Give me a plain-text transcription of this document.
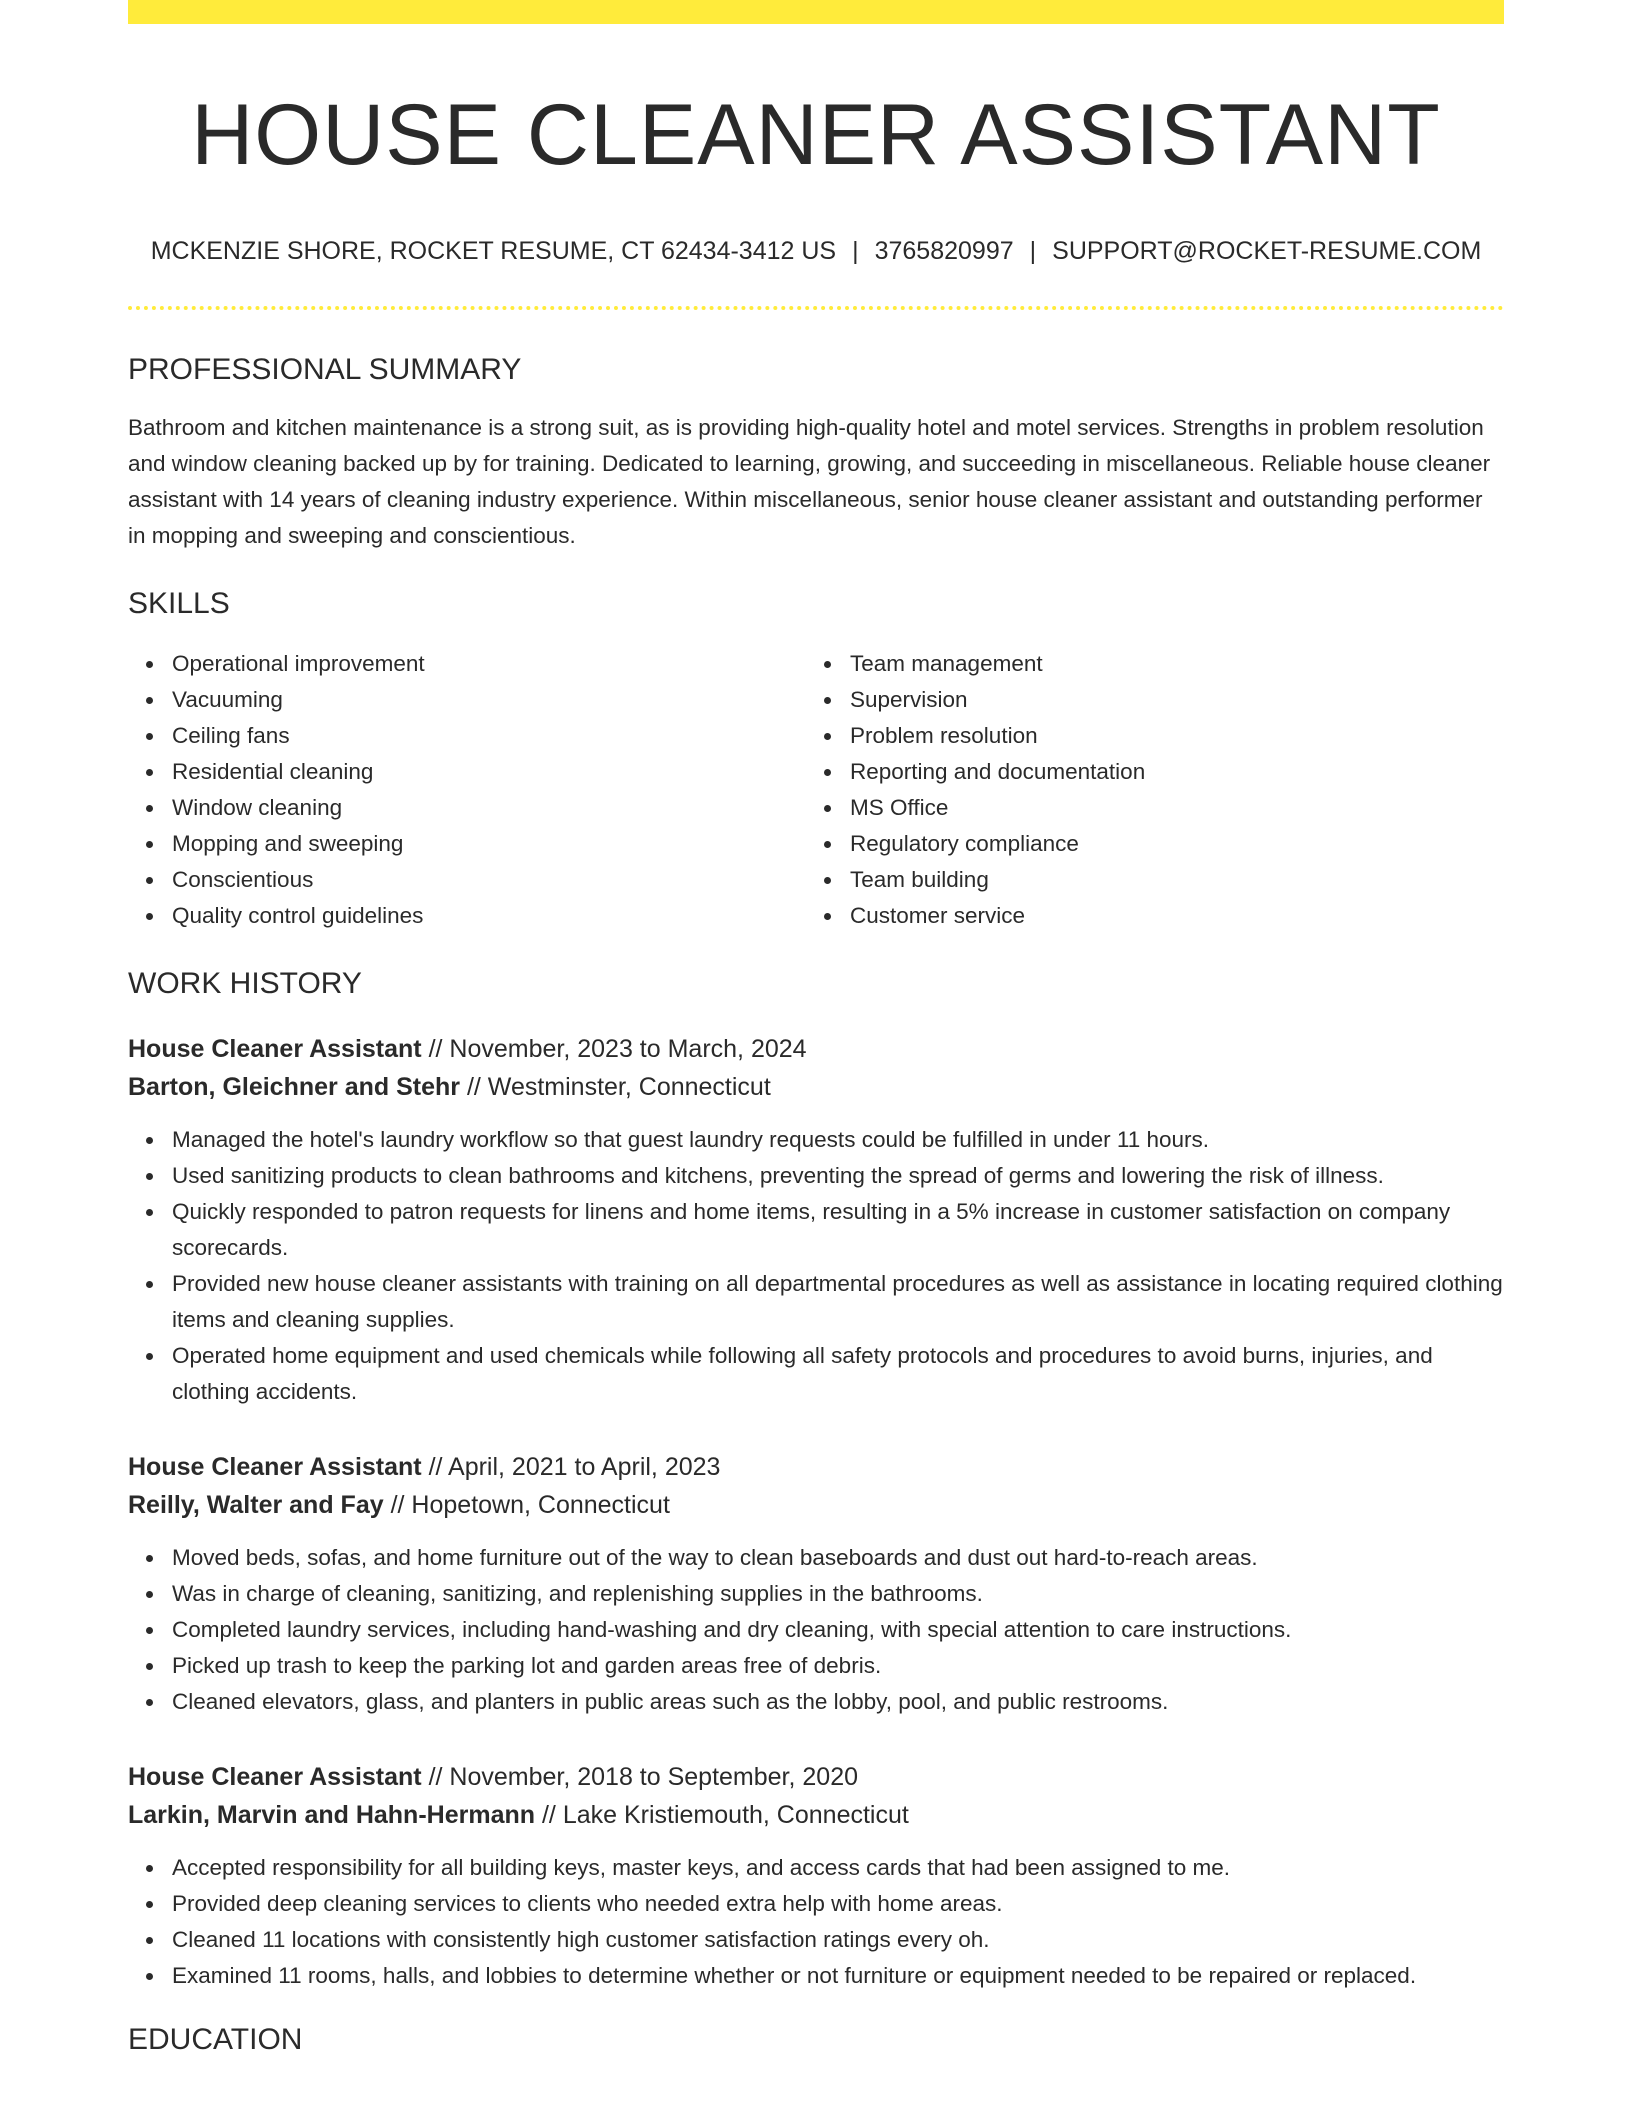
HOUSE CLEANER ASSISTANT
MCKENZIE SHORE, ROCKET RESUME, CT 62434-3412 US | 3765820997 | SUPPORT@ROCKET-RESUME.COM
PROFESSIONAL SUMMARY

Bathroom and kitchen maintenance is a strong suit, as is providing high-quality hotel and motel services. Strengths in problem resolution and window cleaning backed up by for training. Dedicated to learning, growing, and succeeding in miscellaneous. Reliable house cleaner assistant with 14 years of cleaning industry experience. Within miscellaneous, senior house cleaner assistant and outstanding performer in mopping and sweeping and conscientious.

SKILLS
Operational improvement
Vacuuming
Ceiling fans
Residential cleaning
Window cleaning
Mopping and sweeping
Conscientious
Quality control guidelines
Team management
Supervision
Problem resolution
Reporting and documentation
MS Office
Regulatory compliance
Team building
Customer service
WORK HISTORY
House Cleaner Assistant // November, 2023 to March, 2024
Barton, Gleichner and Stehr // Westminster, Connecticut
Managed the hotel's laundry workflow so that guest laundry requests could be fulfilled in under 11 hours.
Used sanitizing products to clean bathrooms and kitchens, preventing the spread of germs and lowering the risk of illness.
Quickly responded to patron requests for linens and home items, resulting in a 5% increase in customer satisfaction on company scorecards.
Provided new house cleaner assistants with training on all departmental procedures as well as assistance in locating required clothing items and cleaning supplies.
Operated home equipment and used chemicals while following all safety protocols and procedures to avoid burns, injuries, and clothing accidents.
House Cleaner Assistant // April, 2021 to April, 2023
Reilly, Walter and Fay // Hopetown, Connecticut
Moved beds, sofas, and home furniture out of the way to clean baseboards and dust out hard-to-reach areas.
Was in charge of cleaning, sanitizing, and replenishing supplies in the bathrooms.
Completed laundry services, including hand-washing and dry cleaning, with special attention to care instructions.
Picked up trash to keep the parking lot and garden areas free of debris.
Cleaned elevators, glass, and planters in public areas such as the lobby, pool, and public restrooms.
House Cleaner Assistant // November, 2018 to September, 2020
Larkin, Marvin and Hahn-Hermann // Lake Kristiemouth, Connecticut
Accepted responsibility for all building keys, master keys, and access cards that had been assigned to me.
Provided deep cleaning services to clients who needed extra help with home areas.
Cleaned 11 locations with consistently high customer satisfaction ratings every oh.
Examined 11 rooms, halls, and lobbies to determine whether or not furniture or equipment needed to be repaired or replaced.
EDUCATION
